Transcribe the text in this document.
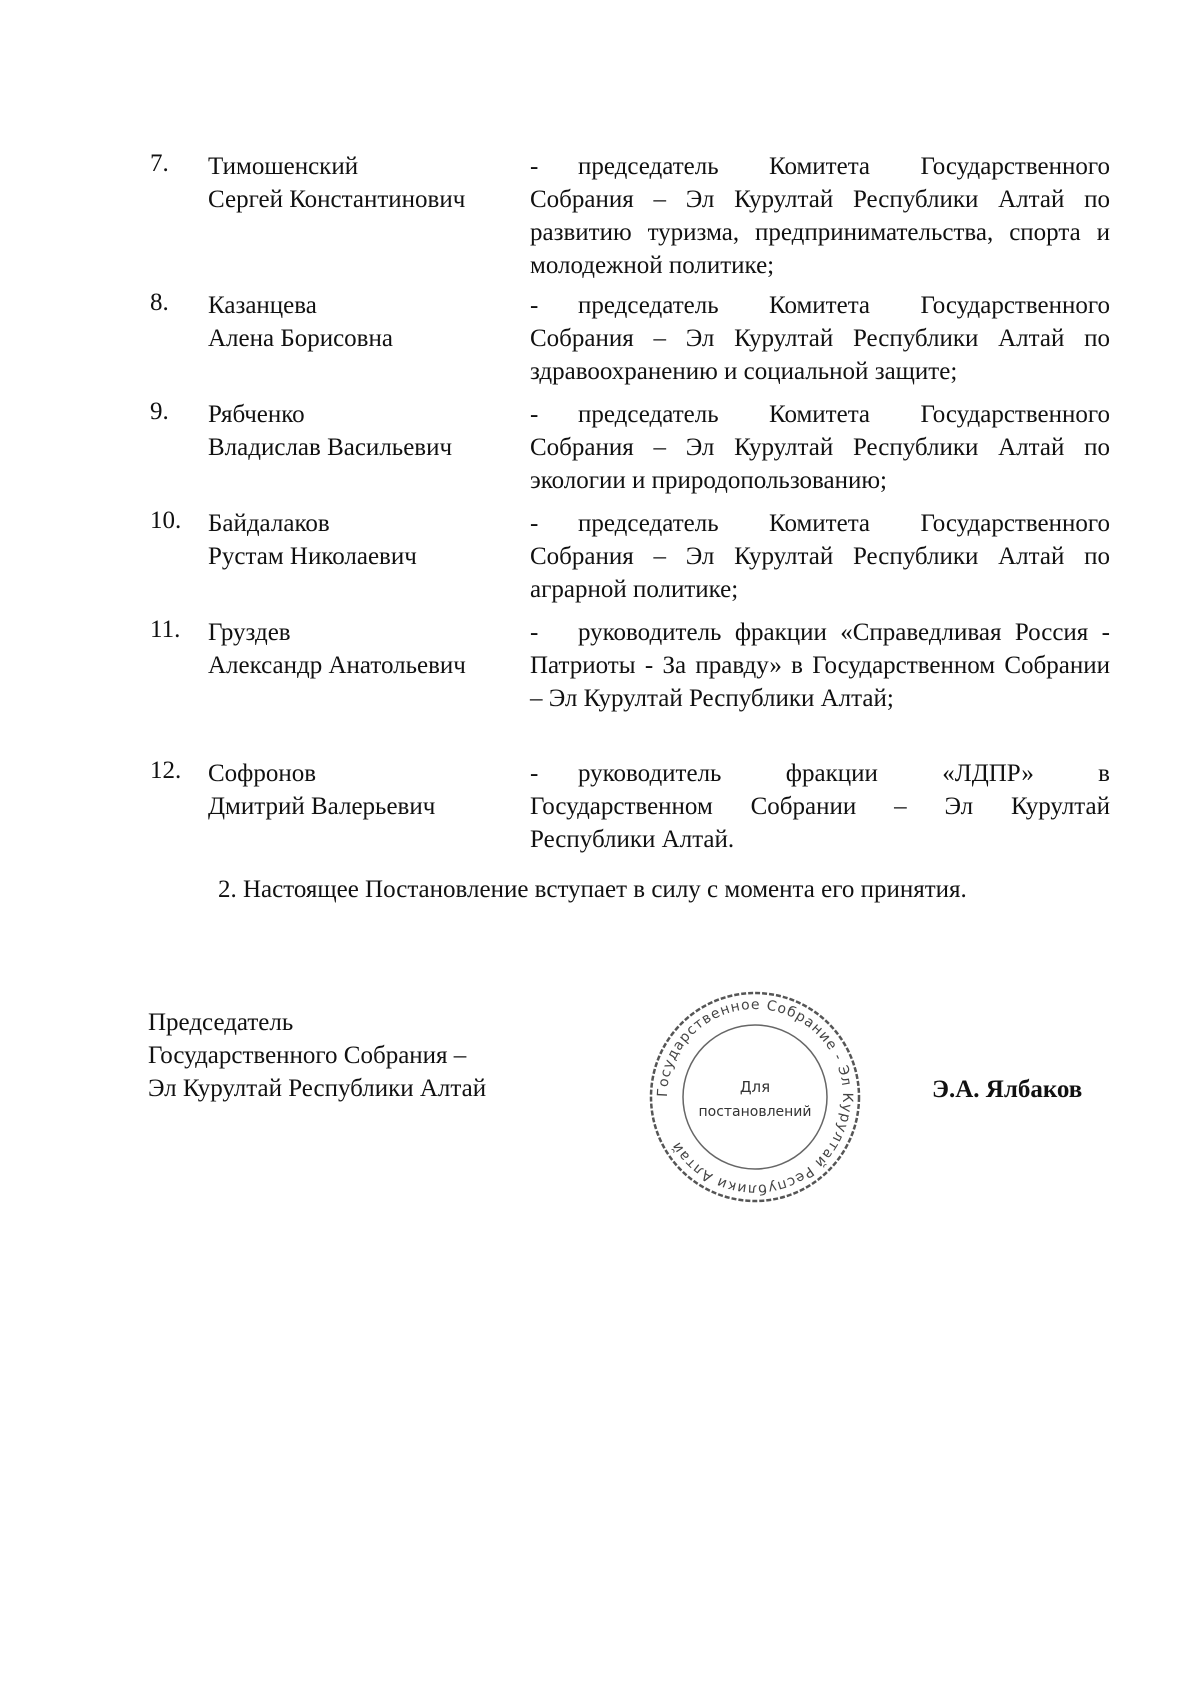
7. Тимошенский
Сергей Константинович
- председатель Комитета Государственного Собрания – Эл Курултай Республики Алтай по развитию туризма, предпринимательства, спорта и молодежной политике;
8. Казанцева
Алена Борисовна
- председатель Комитета Государственного Собрания – Эл Курултай Республики Алтай по здравоохранению и социальной защите;
9. Рябченко
Владислав Васильевич
- председатель Комитета Государственного Собрания – Эл Курултай Республики Алтай по экологии и природопользованию;
10. Байдалаков
Рустам Николаевич
- председатель Комитета Государственного Собрания – Эл Курултай Республики Алтай по аграрной политике;
11. Груздев
Александр Анатольевич
- руководитель фракции «Справедливая Россия - Патриоты - За правду» в Государственном Собрании – Эл Курултай Республики Алтай;
12. Софронов
Дмитрий Валерьевич
- руководитель фракции «ЛДПР» в Государственном Собрании – Эл Курултай Республики Алтай.
2. Настоящее Постановление вступает в силу с момента его принятия.
Председатель
Государственного Собрания –
Эл Курултай Республики Алтай	Государственное Собрание - Эл Курултай Республики Алтай
Для
постановлений
Э.А. Ялбаков
